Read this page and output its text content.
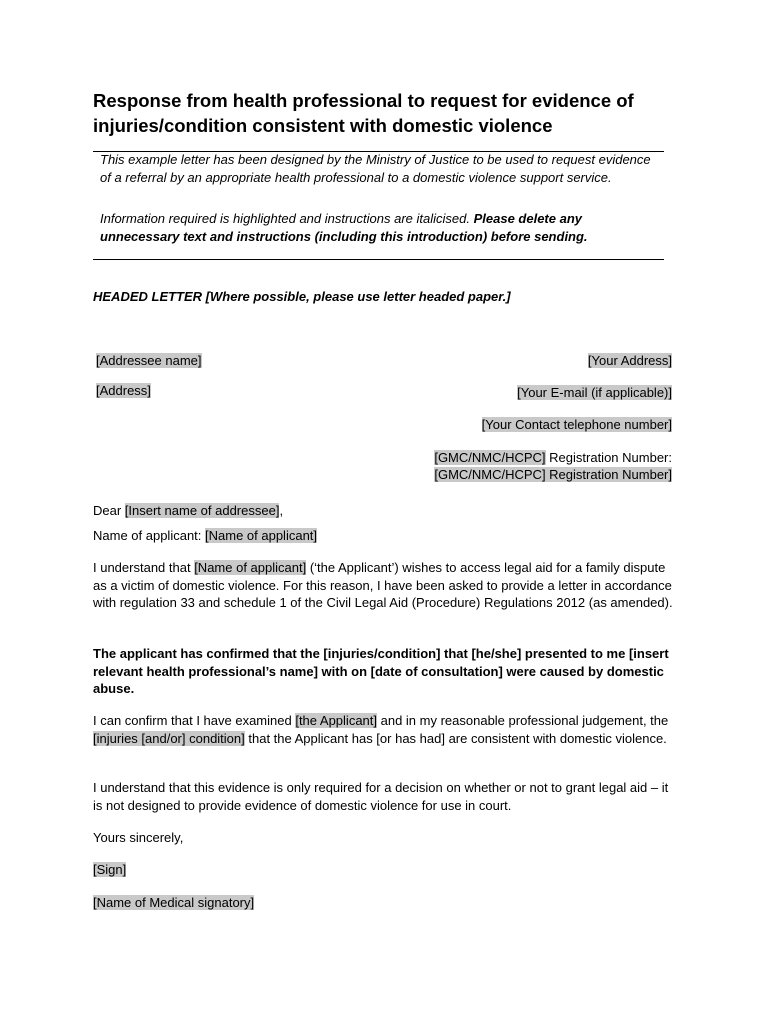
Response from health professional to request for evidence of injuries/condition consistent with domestic violence
This example letter has been designed by the Ministry of Justice to be used to request evidence of a referral by an appropriate health professional to a domestic violence support service.
Information required is highlighted and instructions are italicised. Please delete any unnecessary text and instructions (including this introduction) before sending.
HEADED LETTER [Where possible, please use letter headed paper.]
[Addressee name]
[Address]
[Your Address]
[Your E-mail (if applicable)]
[Your Contact telephone number]
[GMC/NMC/HCPC] Registration Number:
[GMC/NMC/HCPC] Registration Number]
Dear [Insert name of addressee],
Name of applicant: [Name of applicant]
I understand that [Name of applicant] (‘the Applicant’) wishes to access legal aid for a family dispute as a victim of domestic violence. For this reason, I have been asked to provide a letter in accordance with regulation 33 and schedule 1 of the Civil Legal Aid (Procedure) Regulations 2012 (as amended).
The applicant has confirmed that the [injuries/condition] that [he/she] presented to me [insert relevant health professional’s name] with on [date of consultation] were caused by domestic abuse.
I can confirm that I have examined [the Applicant] and in my reasonable professional judgement, the [injuries [and/or] condition] that the Applicant has [or has had] are consistent with domestic violence.
I understand that this evidence is only required for a decision on whether or not to grant legal aid – it is not designed to provide evidence of domestic violence for use in court.
Yours sincerely,
[Sign]
[Name of Medical signatory]
